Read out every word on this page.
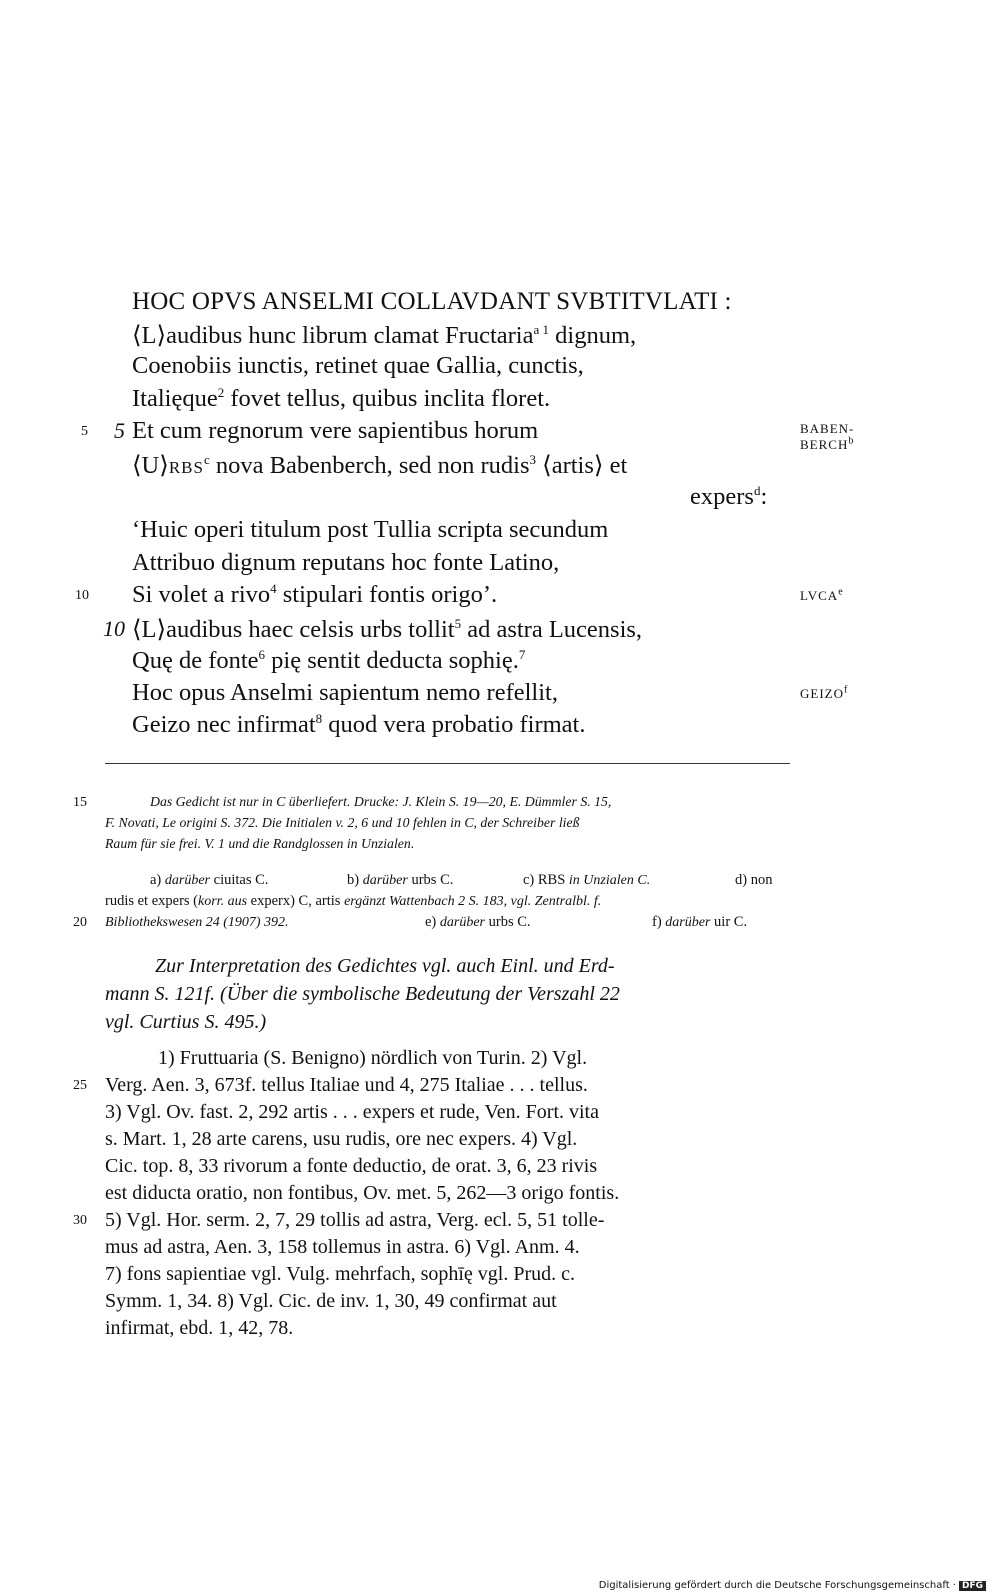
HOC OPVS ANSELMI COLLAVDANT SVBTITVLATI :
⟨L⟩audibus hunc librum clamat Fructaria$^{a 1}$ dignum,
Coenobiis iunctis, retinet quae Gallia, cunctis,
Italięque$^2$ fovet tellus, quibus inclita floret.
5 5 Et cum regnorum vere sapientibus horum
⟨U⟩RBS$^c$ nova Babenberch, sed non rudis$^3$ ⟨artis⟩ et
expers$^d$:
‘Huic operi titulum post Tullia scripta secundum
Attribuo dignum reputans hoc fonte Latino,
10 Si volet a rivo$^4$ stipulari fontis origo’.
10 ⟨L⟩audibus haec celsis urbs tollit$^5$ ad astra Lucensis,
Quę de fonte$^6$ pię sentit deducta sophię.$^7$
Hoc opus Anselmi sapientum nemo refellit,
Geizo nec infirmat$^8$ quod vera probatio firmat.
BABEN-
BERCH$^b$
LVCA$^e$
GEIZO$^f$
15	Das Gedicht ist nur in C überliefert. Drucke: J. Klein S. 19—20, E. Dümmler S. 15,
F. Novati, Le origini S. 372. Die Initialen v. 2, 6 und 10 fehlen in C, der Schreiber ließ
Raum für sie frei. V. 1 und die Randglossen in Unzialen.
a) darüber ciuitas C.	b) darüber urbs C.	c) RBS in Unzialen C.	d) non
rudis et expers (korr. aus experx) C, artis ergänzt Wattenbach 2 S. 183, vgl. Zentralbl. f.
20 Bibliothekswesen 24 (1907) 392.	e) darüber urbs C.	f) darüber uir C.
Zur Interpretation des Gedichtes vgl. auch Einl. und Erd-
mann S. 121f. (Über die symbolische Bedeutung der Verszahl 22
vgl. Curtius S. 495.)
1) Fruttuaria (S. Benigno) nördlich von Turin. 2) Vgl.
25 Verg. Aen. 3, 673f. tellus Italiae und 4, 275 Italiae . . . tellus.
3) Vgl. Ov. fast. 2, 292 artis . . . expers et rude, Ven. Fort. vita
s. Mart. 1, 28 arte carens, usu rudis, ore nec expers. 4) Vgl.
Cic. top. 8, 33 rivorum a fonte deductio, de orat. 3, 6, 23 rivis
est diducta oratio, non fontibus, Ov. met. 5, 262—3 origo fontis.
30 5) Vgl. Hor. serm. 2, 7, 29 tollis ad astra, Verg. ecl. 5, 51 tolle-
mus ad astra, Aen. 3, 158 tollemus in astra. 6) Vgl. Anm. 4.
7) fons sapientiae vgl. Vulg. mehrfach, sophīę vgl. Prud. c.
Symm. 1, 34. 8) Vgl. Cic. de inv. 1, 30, 49 confirmat aut
infirmat, ebd. 1, 42, 78.
Digitalisierung gefördert durch die Deutsche Forschungsgemeinschaft · DFG
